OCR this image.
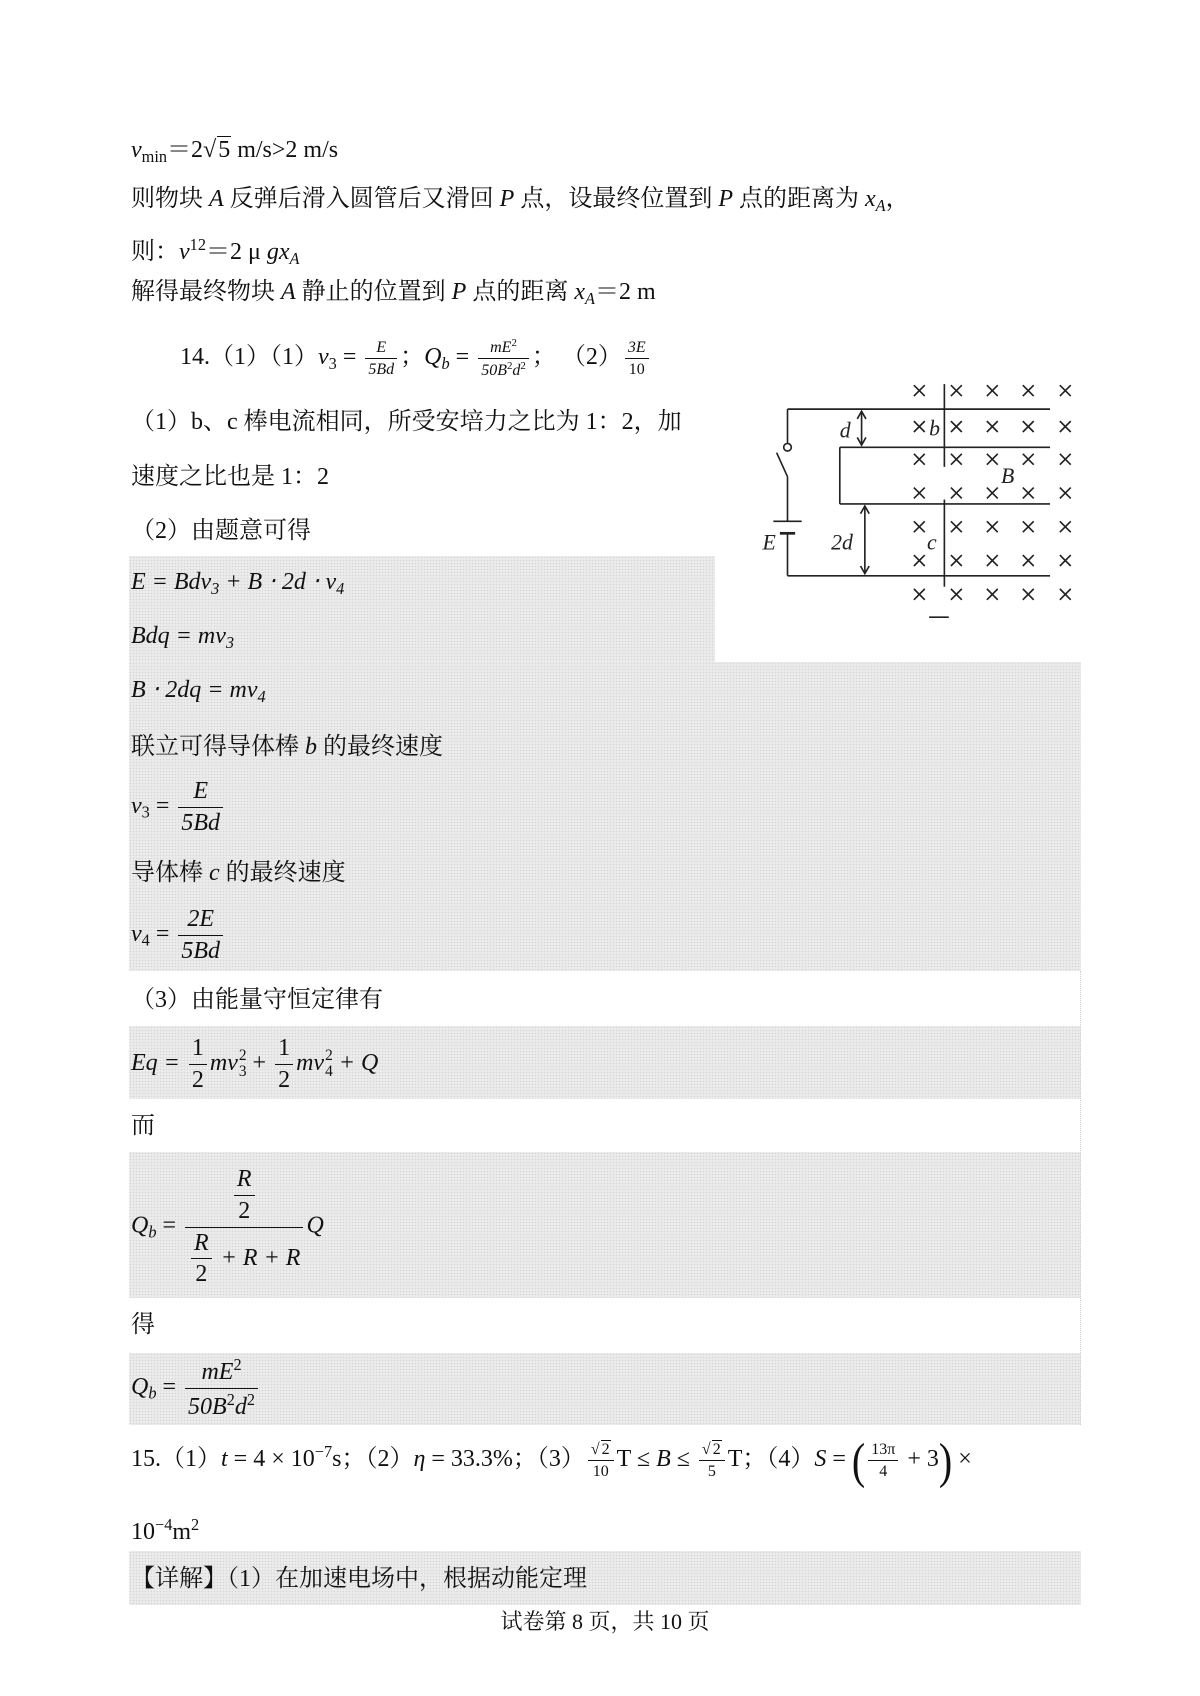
$v_{min}=2√5$ m/s>2 m/s
则物块 A 反弹后滑入圆管后又滑回 P 点，设最终位置到 P 点的距离为 $x_A$，
则：$v^{12}=2$ μ $gx_A$
解得最终物块 A 静止的位置到 P 点的距离 $x_A=2$ m
$14.(1)(1)v_3 = \frac{E}{5Bd}$ ；$Q_b = \frac{mE^2}{50B^2d^2}$ ； $(2) \frac{3E}{10}$
（1）b、c 棒电流相同，所受安培力之比为 1：2，加
速度之比也是 1：2
（2）由题意可得
$E = Bdv_3 + B \cdot 2d \cdot v_4$
Bdq = $mv_3$
$B \cdot 2dq = mv_4$
联立可得导体棒 b 的最终速度
$v_3 = \frac{E}{5Bd}$
导体棒 c 的最终速度
$v_4 = \frac{2E}{5Bd}$
（3）由能量守恒定律有
$Eq = \frac{1}{2}$ mv 2
$3 + \frac{1}{2}$ mv 2
4 + Q
而
$Q_b = \frac{\frac{R}{2}}{\frac{R}{2} + R + R}$ Q
得
$Q_b = \frac{mE^2}{50B^2d^2}$
$15.(1)t = 4 \times 10^{-7}s$；（2）η = 33.3%；$(3) \frac{√ 2}{10}$ $T \le B \le \frac{√ 2}{5}$ T；（4）S = ( $\frac{13\pi}{4} + 3$) ×
$10^{-4}m^2$
【详解】（1）在加速电场中，根据动能定理
试卷第 8 页，共 10 页
d	b
B
2d	c
E
